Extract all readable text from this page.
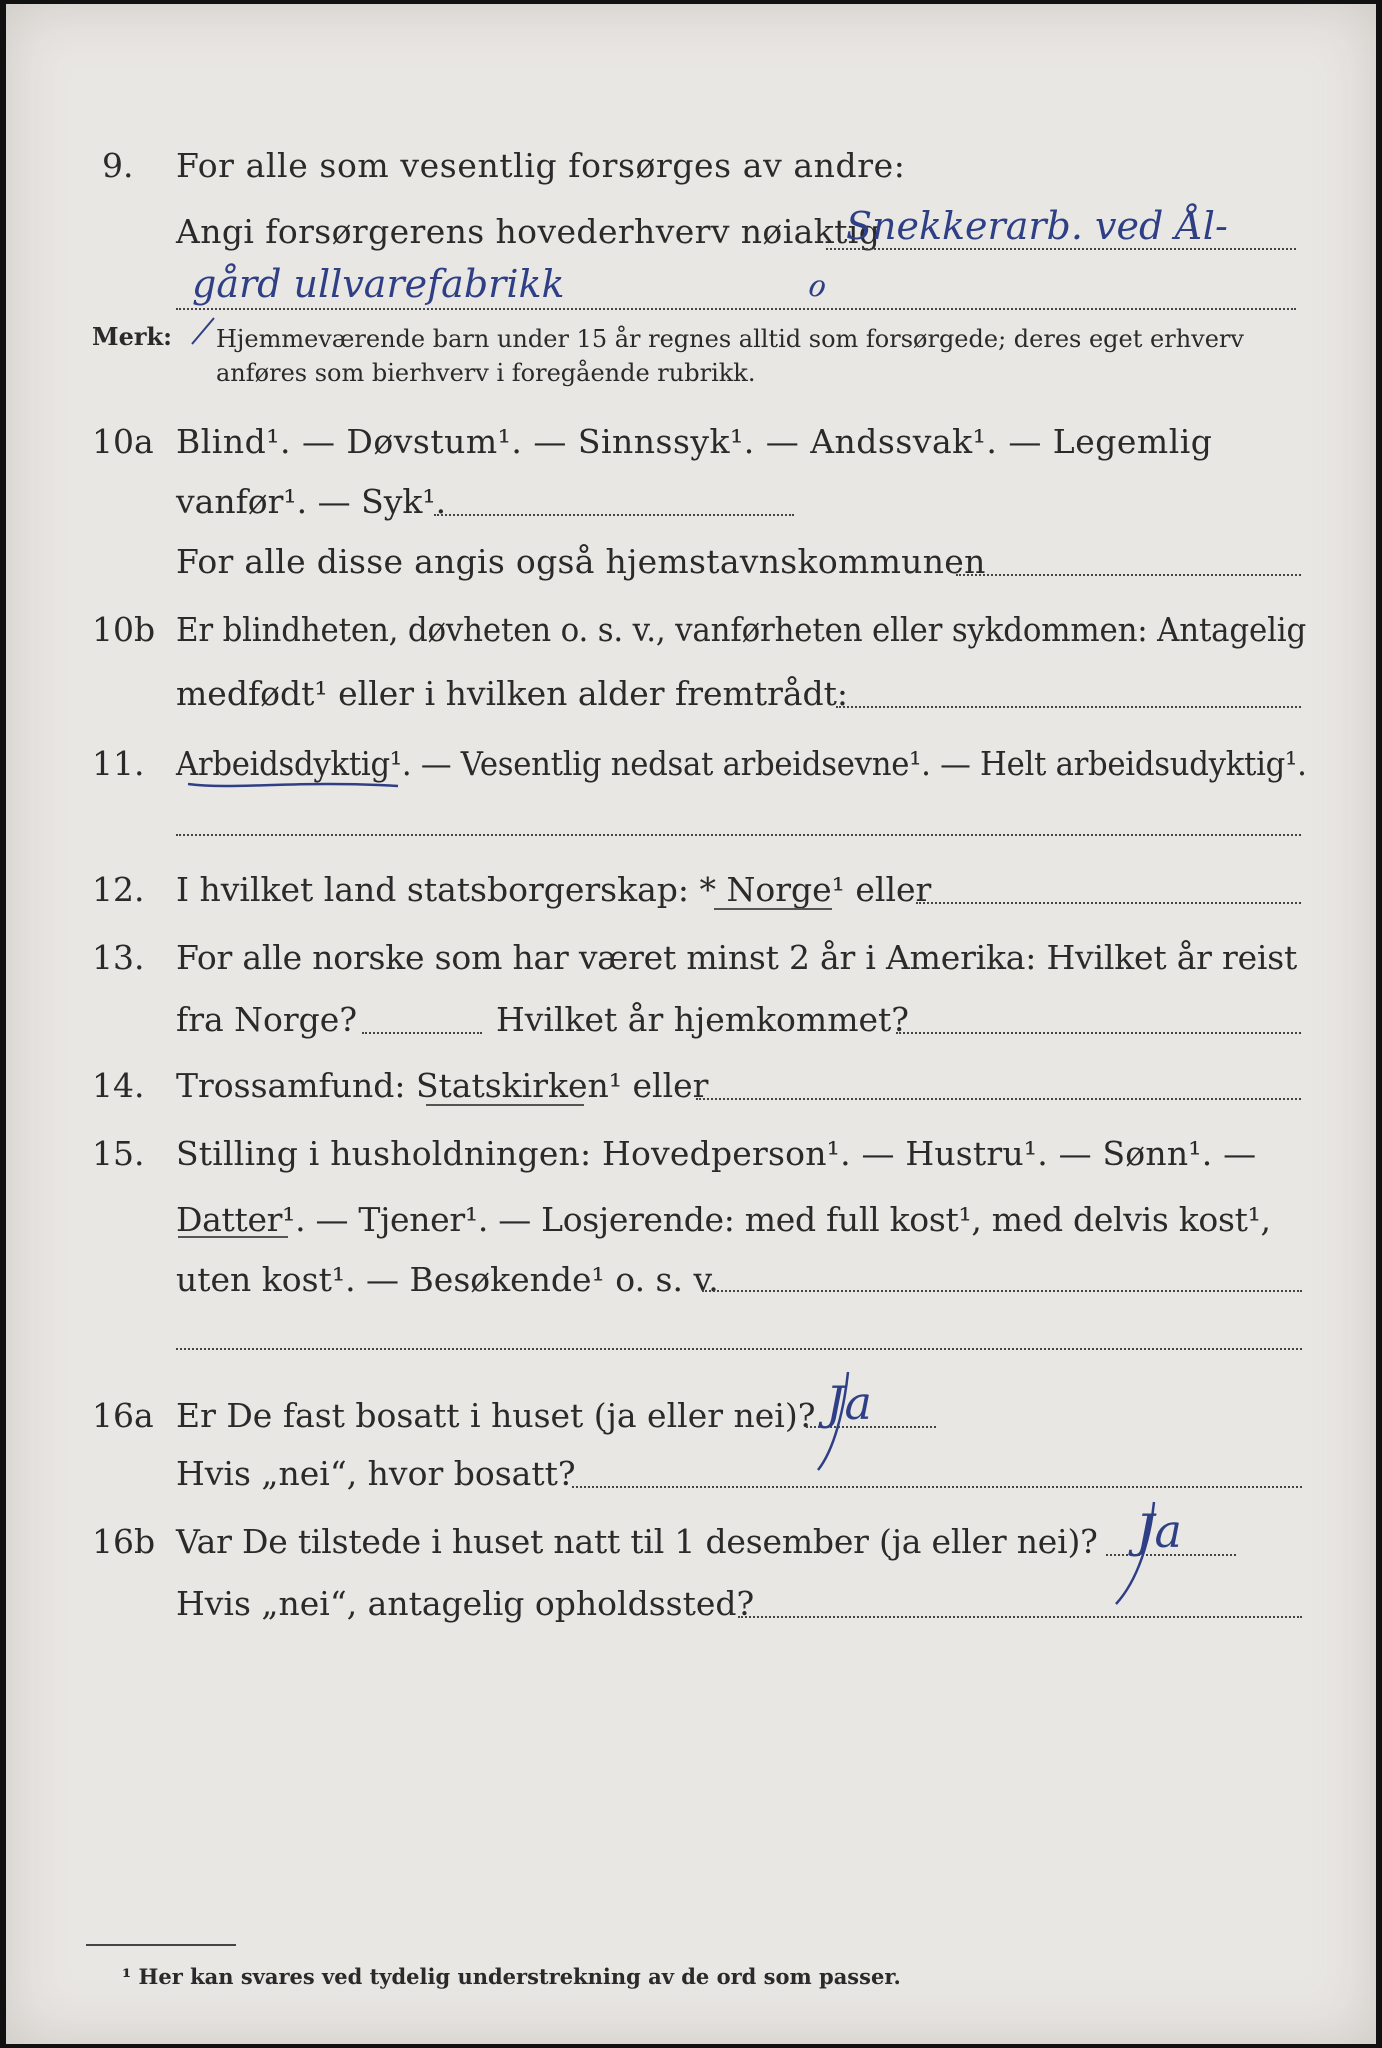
9. For alle som vesentlig forsørges av andre:
Angi forsørgerens hovederhverv nøiaktig
Snekkerarb. ved Ål-
gård ullvarefabrikk	ℴ
Merk: Hjemmeværende barn under 15 år regnes alltid som forsørgede; deres eget erhverv
anføres som bierhverv i foregående rubrikk.
10a Blind¹. — Døvstum¹. — Sinnssyk¹. — Andssvak¹. — Legemlig
vanfør¹. — Syk¹.
For alle disse angis også hjemstavnskommunen
10b Er blindheten, døvheten o. s. v., vanførheten eller sykdommen: Antagelig
medfødt¹ eller i hvilken alder fremtrådt:
11. Arbeidsdyktig¹. — Vesentlig nedsat arbeidsevne¹. — Helt arbeidsudyktig¹.
12. I hvilket land statsborgerskap: * Norge¹ eller
13. For alle norske som har været minst 2 år i Amerika: Hvilket år reist
fra Norge?	Hvilket år hjemkommet?
14. Trossamfund: Statskirken¹ eller
15. Stilling i husholdningen: Hovedperson¹. — Hustru¹. — Sønn¹. —
Datter¹. — Tjener¹. — Losjerende: med full kost¹, med delvis kost¹,
uten kost¹. — Besøkende¹ o. s. v.
16a Er De fast bosatt i huset (ja eller nei)? Ja
Hvis „nei“, hvor bosatt?
16b Var De tilstede i huset natt til 1 desember (ja eller nei)? Ja
Hvis „nei“, antagelig opholdssted?
¹ Her kan svares ved tydelig understrekning av de ord som passer.
